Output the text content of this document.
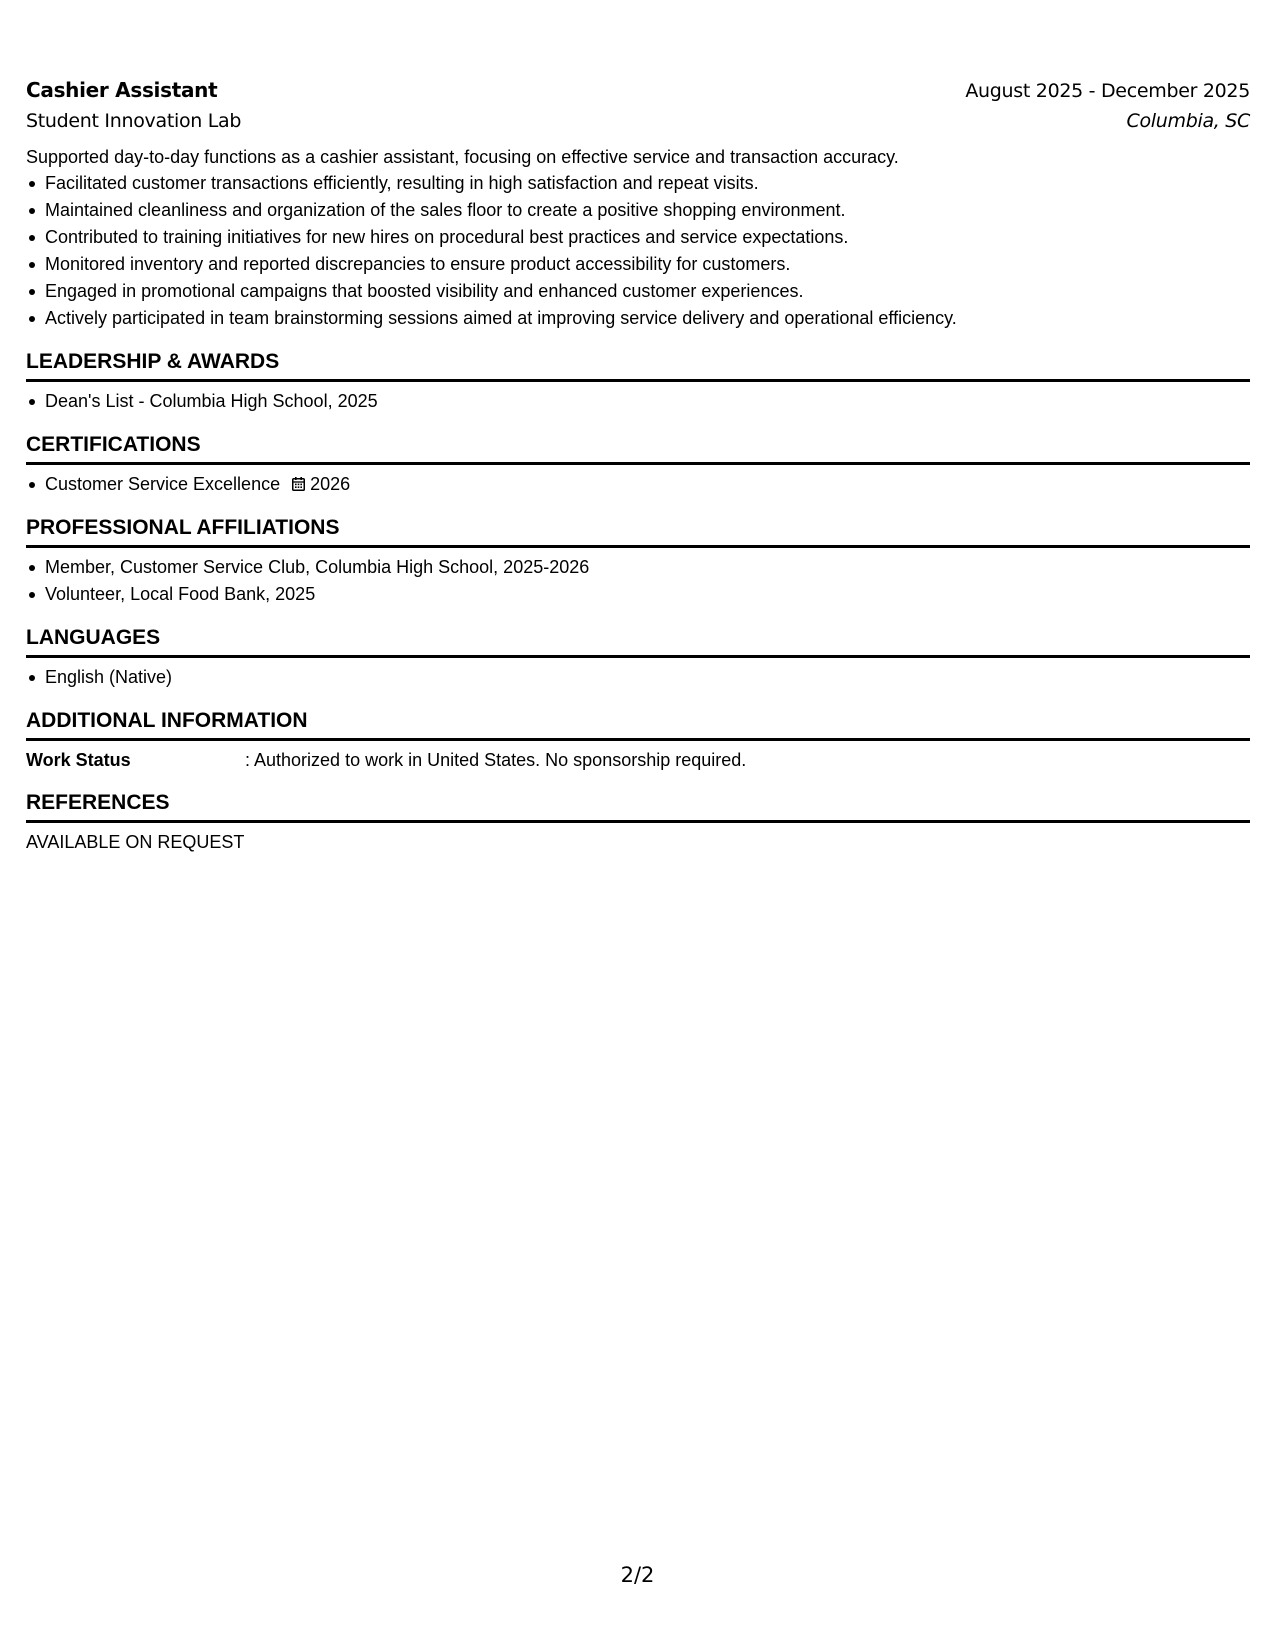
Cashier Assistant	August 2025 - December 2025
Student Innovation Lab	Columbia, SC
Supported day-to-day functions as a cashier assistant, focusing on effective service and transaction accuracy.
Facilitated customer transactions efficiently, resulting in high satisfaction and repeat visits.
Maintained cleanliness and organization of the sales floor to create a positive shopping environment.
Contributed to training initiatives for new hires on procedural best practices and service expectations.
Monitored inventory and reported discrepancies to ensure product accessibility for customers.
Engaged in promotional campaigns that boosted visibility and enhanced customer experiences.
Actively participated in team brainstorming sessions aimed at improving service delivery and operational efficiency.
LEADERSHIP & AWARDS
Dean's List - Columbia High School, 2025
CERTIFICATIONS
Customer Service Excellence 2026
PROFESSIONAL AFFILIATIONS
Member, Customer Service Club, Columbia High School, 2025-2026
Volunteer, Local Food Bank, 2025
LANGUAGES
English (Native)
ADDITIONAL INFORMATION
Work Status	: Authorized to work in United States. No sponsorship required.
REFERENCES
AVAILABLE ON REQUEST
2/2
